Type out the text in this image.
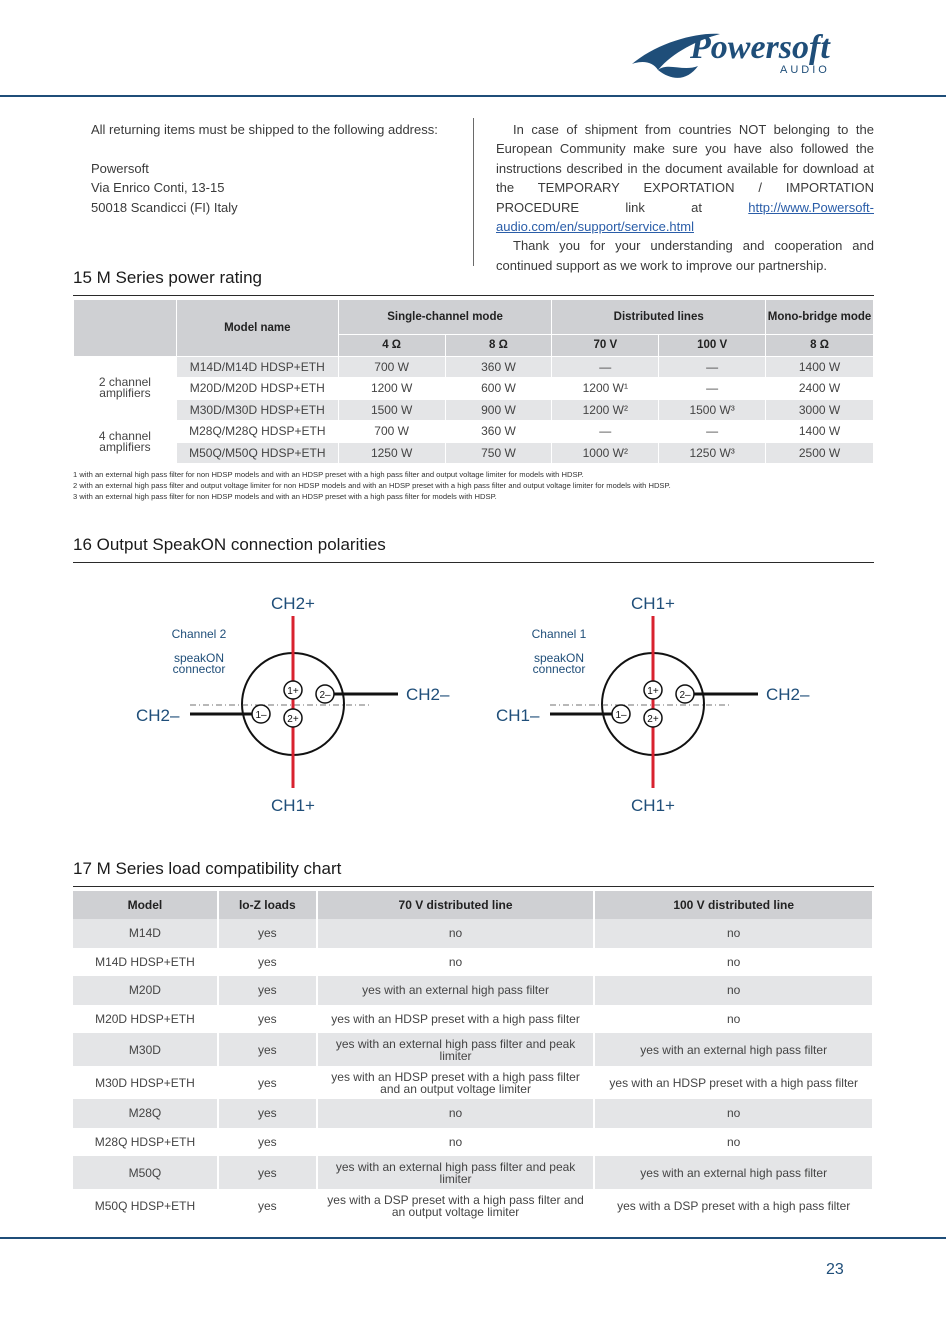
Powersoft
AUDIO

All returning items must be shipped to the following address:

Powersoft

Via Enrico Conti, 13-15

50018 Scandicci (FI) Italy

In case of shipment from countries NOT belonging to the European Community make sure you have also followed the instructions described in the document available for download at the TEMPORARY EXPORTATION / IMPORTATION PROCEDURE link at	http://www.Powersoft-audio.com/en/support/service.html

Thank you for your understanding and cooperation and continued support as we work to improve our partnership.

15 M Series power rating
	Model name	Single-channel mode		Distributed lines		Mono-bridge mode
		4 Ω	8 Ω	70 V	100 V	8 Ω
2 channel amplifiers	M14D/M14D HDSP+ETH	700 W	360 W	—	—	1400 W
	M20D/M20D HDSP+ETH	1200 W	600 W	1200 W¹	—	2400 W
	M30D/M30D HDSP+ETH	1500 W	900 W	1200 W²	1500 W³	3000 W
4 channel amplifiers	M28Q/M28Q HDSP+ETH	700 W	360 W	—	—	1400 W
	M50Q/M50Q HDSP+ETH	1250 W	750 W	1000 W²	1250 W³	2500 W
1 with an external high pass filter for non HDSP models and with an HDSP preset with a high pass filter and output voltage limiter for models with HDSP.
2 with an external high pass filter and output voltage limiter for non HDSP models and with an HDSP preset with a high pass filter and output voltage limiter for models with HDSP.
3 with an external high pass filter for non HDSP models and with an HDSP preset with a high pass filter for models with HDSP.
16 Output SpeakON connection polarities
Channel 2
speakON
connector
1+ 2–
1– 2+
CH2+
CH2–
CH2–
CH1+
Channel 1
speakON
connector
1+ 2–
1– 2+
CH1+
CH2–
CH1–
CH1+
17 M Series load compatibility chart
Model	lo-Z loads	70 V distributed line	100 V distributed line
M14D	yes	no	no
M14D HDSP+ETH	yes	no	no
M20D	yes	yes with an external high pass filter	no
M20D HDSP+ETH	yes	yes with an HDSP preset with a high pass filter	no
M30D	yes	yes with an external high pass filter and peak limiter	yes with an external high pass filter
M30D HDSP+ETH	yes	yes with an HDSP preset with a high pass filter and an output voltage limiter	yes with an HDSP preset with a high pass filter
M28Q	yes	no	no
M28Q HDSP+ETH	yes	no	no
M50Q	yes	yes with an external high pass filter and peak limiter	yes with an external high pass filter
M50Q HDSP+ETH	yes	yes with a DSP preset with a high pass filter and an output voltage limiter	yes with a DSP preset with a high pass filter
23
